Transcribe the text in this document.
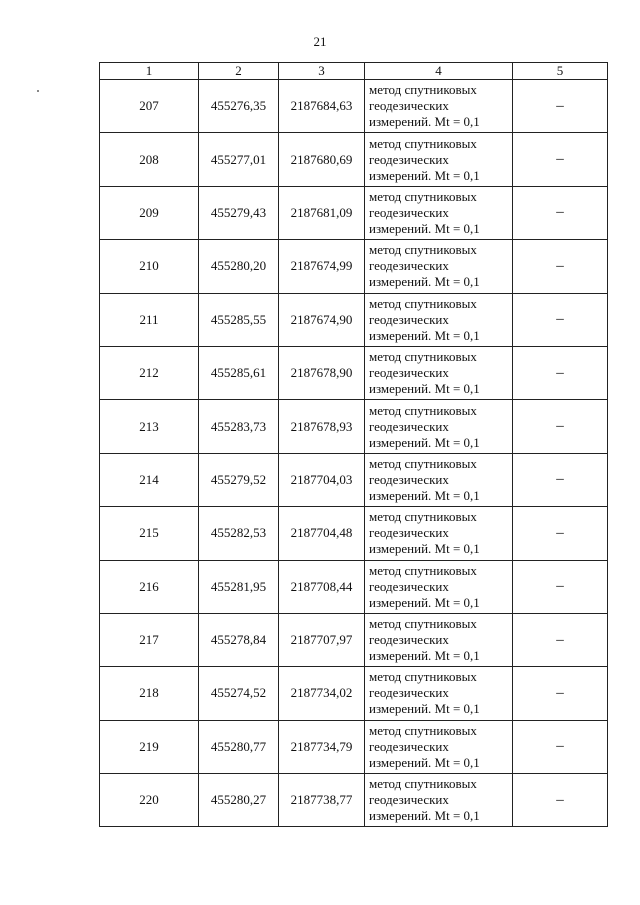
21
1	2	3	4	5
207	455276,35	2187684,63	метод спутниковых
геодезических
измерений. Mt = 0,1	–
208	455277,01	2187680,69	метод спутниковых
геодезических
измерений. Mt = 0,1	–
209	455279,43	2187681,09	метод спутниковых
геодезических
измерений. Mt = 0,1	–
210	455280,20	2187674,99	метод спутниковых
геодезических
измерений. Mt = 0,1	–
211	455285,55	2187674,90	метод спутниковых
геодезических
измерений. Mt = 0,1	–
212	455285,61	2187678,90	метод спутниковых
геодезических
измерений. Mt = 0,1	–
213	455283,73	2187678,93	метод спутниковых
геодезических
измерений. Mt = 0,1	–
214	455279,52	2187704,03	метод спутниковых
геодезических
измерений. Mt = 0,1	–
215	455282,53	2187704,48	метод спутниковых
геодезических
измерений. Mt = 0,1	–
216	455281,95	2187708,44	метод спутниковых
геодезических
измерений. Mt = 0,1	–
217	455278,84	2187707,97	метод спутниковых
геодезических
измерений. Mt = 0,1	–
218	455274,52	2187734,02	метод спутниковых
геодезических
измерений. Mt = 0,1	–
219	455280,77	2187734,79	метод спутниковых
геодезических
измерений. Mt = 0,1	–
220	455280,27	2187738,77	метод спутниковых
геодезических
измерений. Mt = 0,1	–
